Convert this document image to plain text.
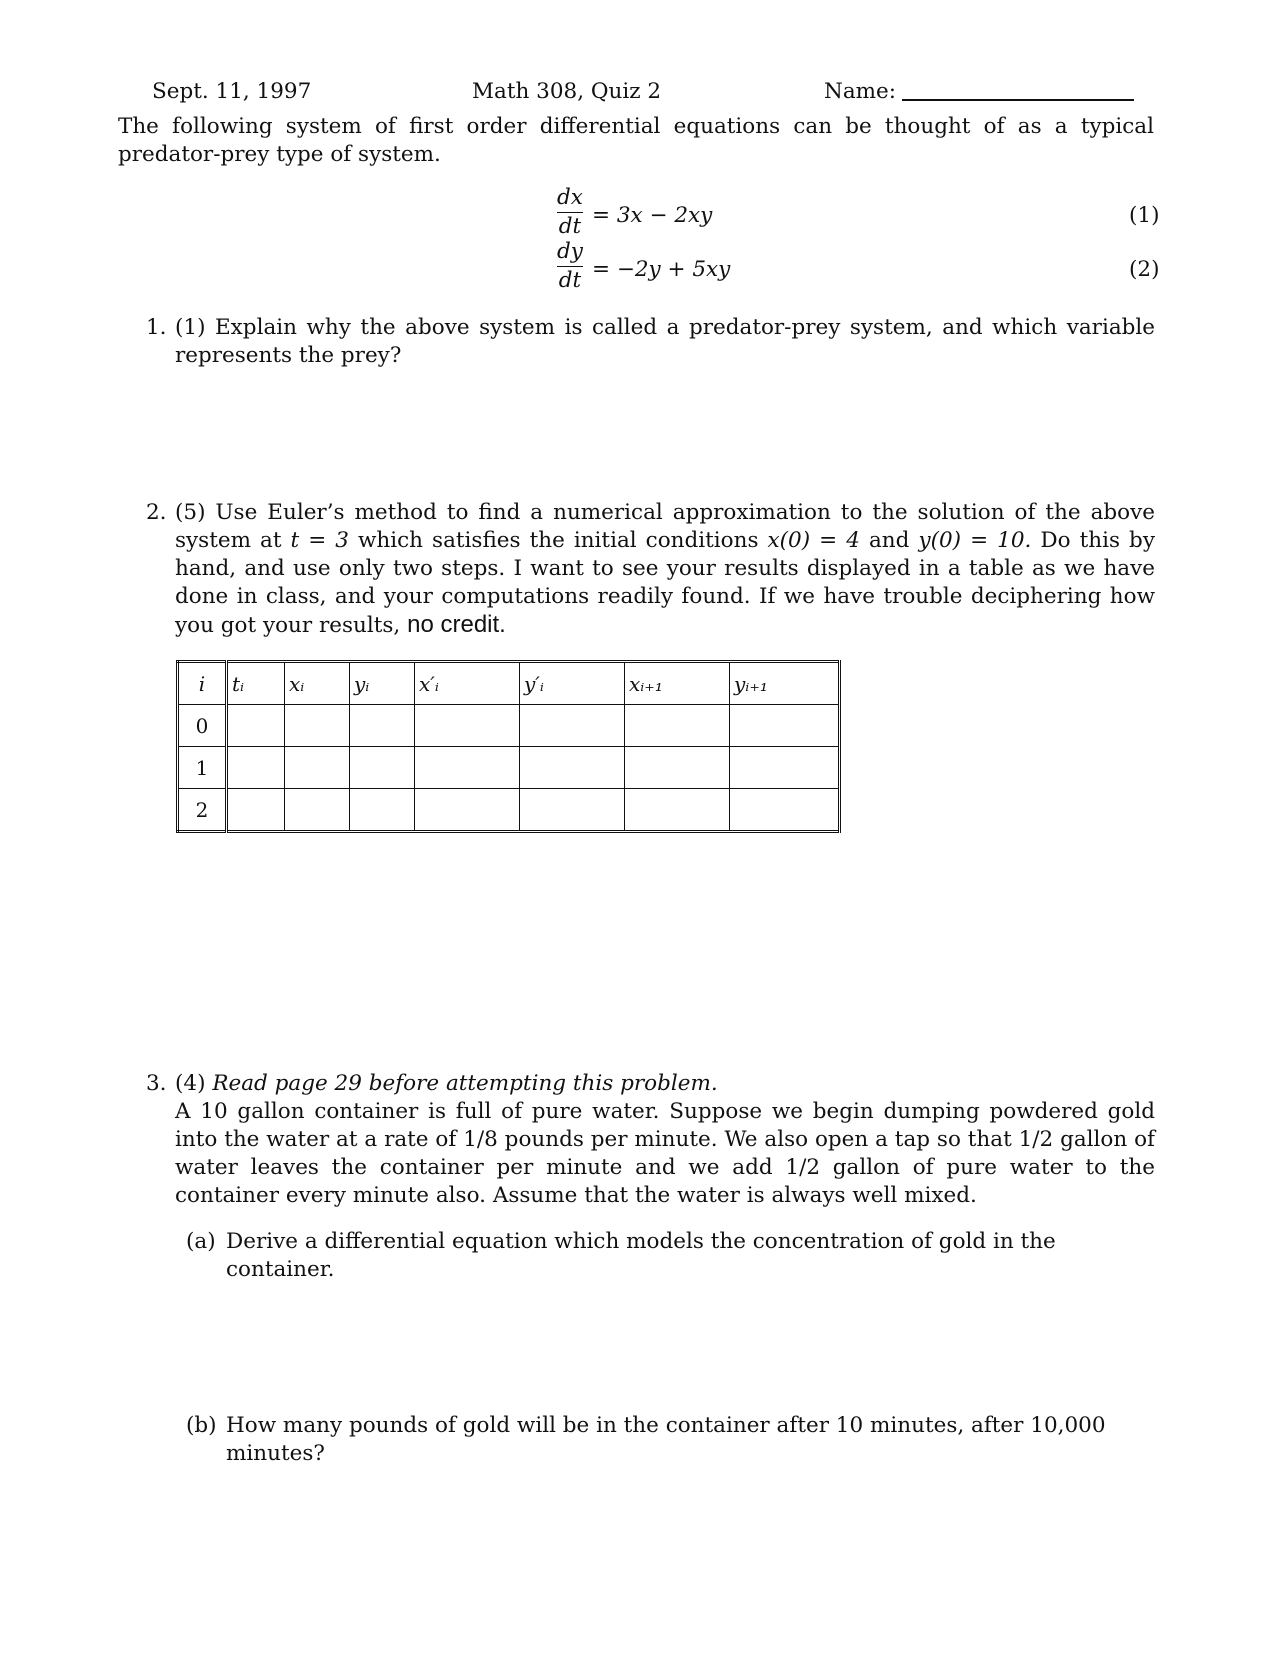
Sept. 11, 1997	Math 308, Quiz 2	Name:
The following system of first order differential equations can be thought of as a typical predator-prey type of system.
dx
dt = 3x − 2xy	(1)
dy
dt = −2y + 5xy	(2)
1. (1) Explain why the above system is called a predator-prey system, and which variable represents the prey?
2. (5) Use Euler’s method to find a numerical approximation to the solution of the above system at t = 3 which satisfies the initial conditions x(0) = 4 and y(0) = 10. Do this by hand, and use only two steps. I want to see your results displayed in a table as we have done in class, and your computations readily found. If we have trouble deciphering how you got your results, no credit.
i	tᵢ	xᵢ	yᵢ	x′ᵢ	y′ᵢ	xᵢ₊₁	yᵢ₊₁
0							
1							
2							
3. (4) Read page 29 before attempting this problem.
A 10 gallon container is full of pure water. Suppose we begin dumping powdered gold into the water at a rate of 1/8 pounds per minute. We also open a tap so that 1/2 gallon of water leaves the container per minute and we add 1/2 gallon of pure water to the container every minute also. Assume that the water is always well mixed.
(a) Derive a differential equation which models the concentration of gold in the container.
(b) How many pounds of gold will be in the container after 10 minutes, after 10,000 minutes?
